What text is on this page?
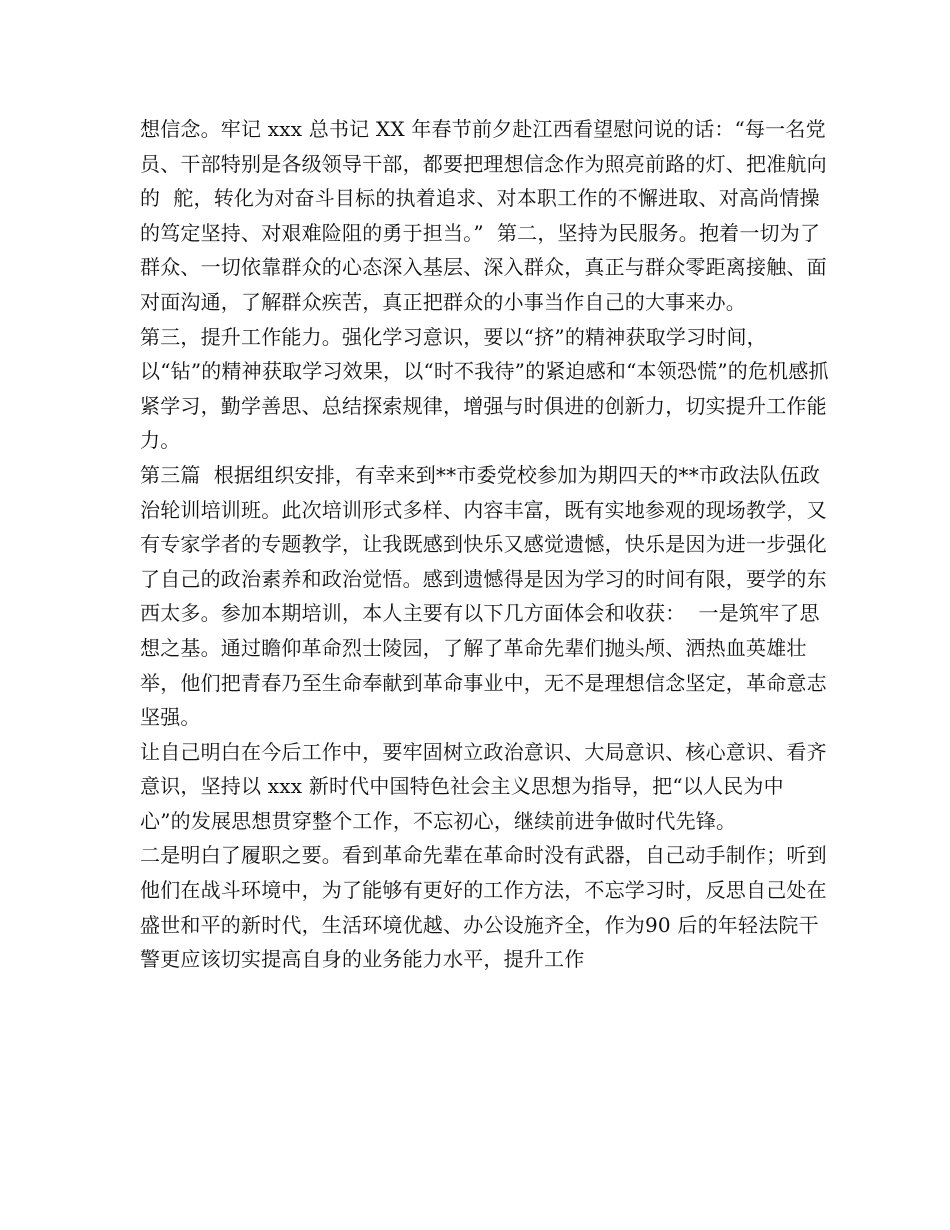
想信念。牢记 xxx 总书记 XX 年春节前夕赴江西看望慰问说的话：“每一名党员、干部特别是各级领导干部，都要把理想信念作为照亮前路的灯、把准航向的  舵，转化为对奋斗目标的执着追求、对本职工作的不懈进取、对高尚情操的笃定坚持、对艰难险阻的勇于担当。”  第二，坚持为民服务。抱着一切为了群众、一切依靠群众的心态深入基层、深入群众，真正与群众零距离接触、面对面沟通，了解群众疾苦，真正把群众的小事当作自己的大事来办。

第三，提升工作能力。强化学习意识，要以“挤”的精神获取学习时间，以“钻”的精神获取学习效果，以“时不我待”的紧迫感和“本领恐慌”的危机感抓紧学习，勤学善思、总结探索规律，增强与时俱进的创新力，切实提升工作能力。

第三篇  根据组织安排，有幸来到**市委党校参加为期四天的**市政法队伍政治轮训培训班。此次培训形式多样、内容丰富，既有实地参观的现场教学，又有专家学者的专题教学，让我既感到快乐又感觉遗憾，快乐是因为进一步强化了自己的政治素养和政治觉悟。感到遗憾得是因为学习的时间有限，要学的东西太多。参加本期培训，本人主要有以下几方面体会和收获：  一是筑牢了思想之基。通过瞻仰革命烈士陵园，了解了革命先辈们抛头颅、洒热血英雄壮举，他们把青春乃至生命奉献到革命事业中，无不是理想信念坚定，革命意志坚强。

让自己明白在今后工作中，要牢固树立政治意识、大局意识、核心意识、看齐意识，坚持以 xxx 新时代中国特色社会主义思想为指导，把“以人民为中心”的发展思想贯穿整个工作，不忘初心，继续前进争做时代先锋。

二是明白了履职之要。看到革命先辈在革命时没有武器，自己动手制作；听到他们在战斗环境中，为了能够有更好的工作方法，不忘学习时，反思自己处在盛世和平的新时代，生活环境优越、办公设施齐全，作为90 后的年轻法院干警更应该切实提高自身的业务能力水平，提升工作
